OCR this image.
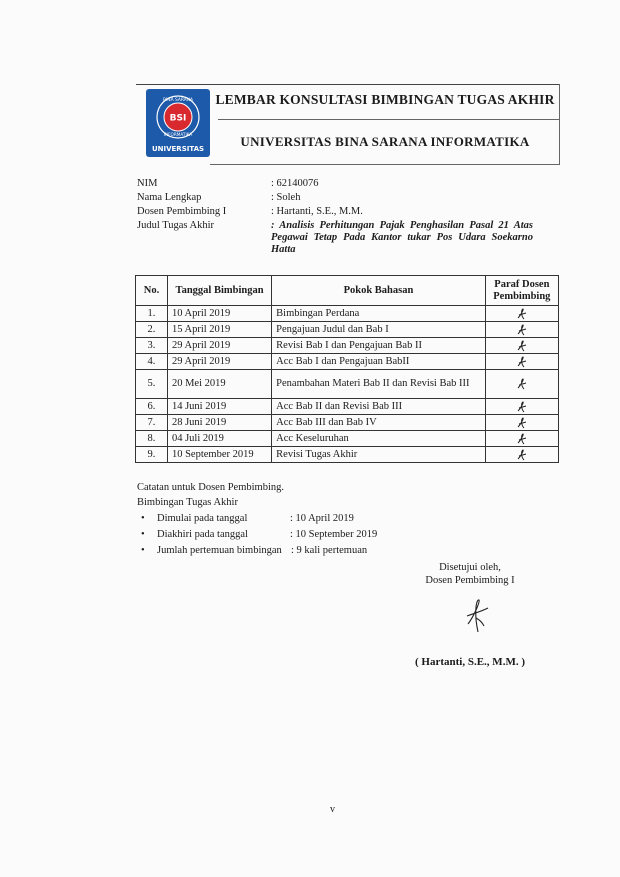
BSI
BINA SARANA
INFORMATIKA
UNIVERSITAS
LEMBAR KONSULTASI BIMBINGAN TUGAS AKHIR
UNIVERSITAS BINA SARANA INFORMATIKA
NIM	: 62140076
Nama Lengkap	: Soleh
Dosen Pembimbing I	: Hartanti, S.E., M.M.
Judul Tugas Akhir	: Analisis Perhitungan Pajak Penghasilan Pasal 21 Atas Pegawai Tetap Pada Kantor tukar Pos Udara Soekarno Hatta
No.	Tanggal Bimbingan	Pokok Bahasan	Paraf Dosen Pembimbing
1.	10 April 2019	Bimbingan Perdana	
2.	15 April 2019	Pengajuan Judul dan Bab I	
3.	29 April 2019	Revisi Bab I dan Pengajuan Bab II	
4.	29 April 2019	Acc Bab I dan Pengajuan BabII	
5.	20 Mei 2019	Penambahan Materi Bab II dan Revisi Bab III	
6.	14 Juni 2019	Acc Bab II dan Revisi Bab III	
7.	28 Juni 2019	Acc Bab III dan Bab IV	
8.	04 Juli 2019	Acc Keseluruhan	
9.	10 September 2019	Revisi Tugas Akhir	
Catatan untuk Dosen Pembimbing.
Bimbingan Tugas Akhir
• Dimulai pada tanggal	: 10 April 2019
• Diakhiri pada tanggal	: 10 September 2019
• Jumlah pertemuan bimbingan : 9 kali pertemuan
Disetujui oleh,
Dosen Pembimbing I
( Hartanti, S.E., M.M. )
v
